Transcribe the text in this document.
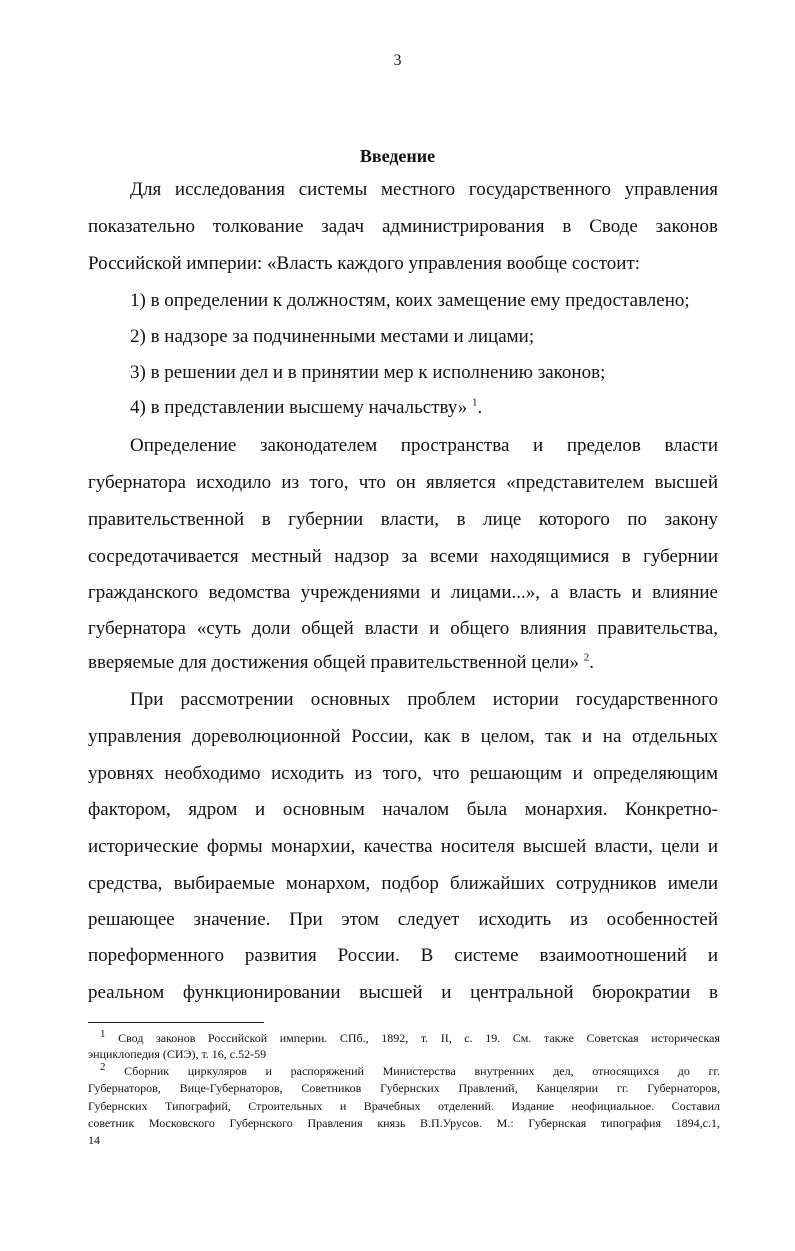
3
Введение
Для исследования системы местного государственного управления
показательно толкование задач администрирования в Своде законов
Российской империи: «Власть каждого управления вообще состоит:
1) в определении к должностям, коих замещение ему предоставлено;
2) в надзоре за подчиненными местами и лицами;
3) в решении дел и в принятии мер к исполнению законов;
4) в представлении высшему начальству» $^1$.
Определение законодателем пространства и пределов власти
губернатора исходило из того, что он является «представителем высшей
правительственной в губернии власти, в лице которого по закону
сосредотачивается местный надзор за всеми находящимися в губернии
гражданского ведомства учреждениями и лицами...», а власть и влияние
губернатора «суть доли общей власти и общего влияния правительства,
вверяемые для достижения общей правительственной цели» $^2$.
При рассмотрении основных проблем истории государственного
управления дореволюционной России, как в целом, так и на отдельных
уровнях необходимо исходить из того, что решающим и определяющим
фактором, ядром и основным началом была монархия. Конкретно-
исторические формы монархии, качества носителя высшей власти, цели и
средства, выбираемые монархом, подбор ближайших сотрудников имели
решающее значение. При этом следует исходить из особенностей
пореформенного развития России. В системе взаимоотношений и
реальном функционировании высшей и центральной бюрократии в
$^1$ Свод законов Российской империи. СПб., 1892, т. II, с. 19. См. также Советская историческая
энциклопедия (СИЭ), т. 16, с.52-59
$^2$ Сборник циркуляров и распоряжений Министерства внутренних дел, относящихся до гг.
Губернаторов, Вице-Губернаторов, Советников Губернских Правлений, Канцелярии гг. Губернаторов,
Губернских Типографий, Строительных и Врачебных отделений. Издание неофициальное. Составил
советник Московского Губернского Правления князь В.П.Урусов. М.: Губернская типография 1894,с.1,
14
